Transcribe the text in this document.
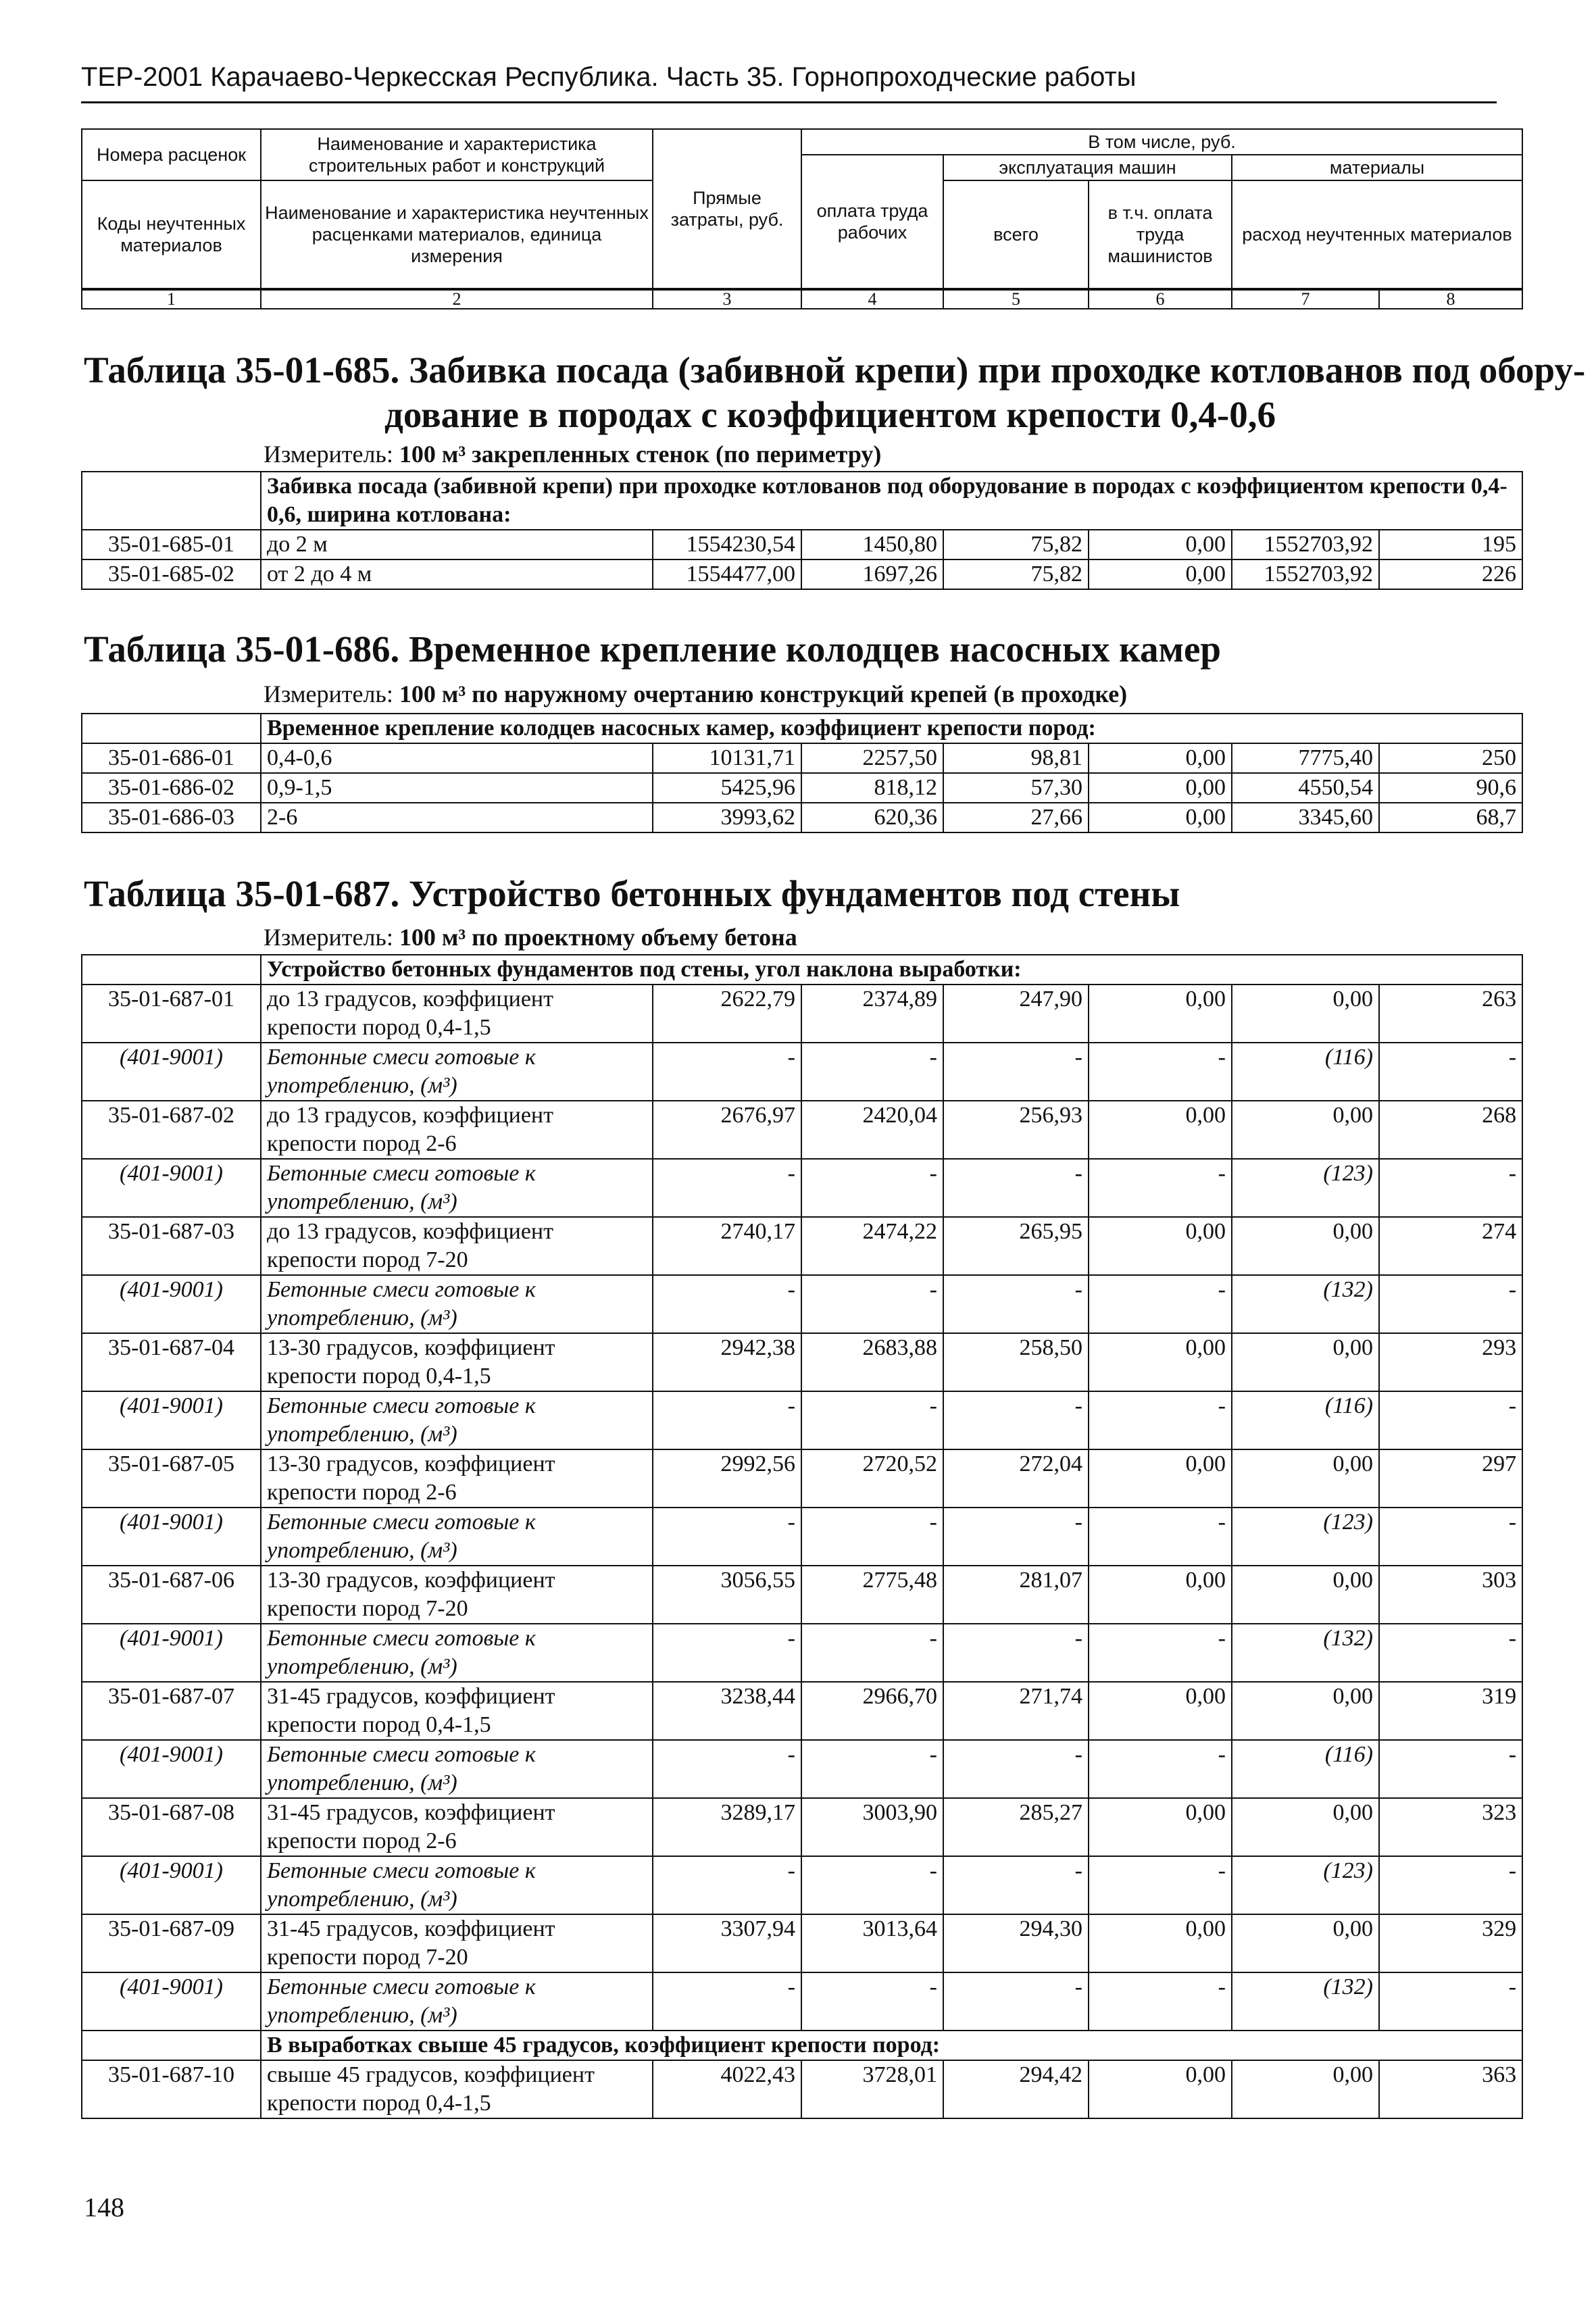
ТЕР-2001 Карачаево-Черкесская Республика. Часть 35. Горнопроходческие работы
Номера расценок	Наименование и характеристика строительных работ и конструкций	Прямые затраты, руб.	В том числе, руб.	
			оплата труда рабочих	эксплуатация машин		материалы	
				всего	в т.ч. оплата труда машинистов	расход неучтенных материалов	
Коды неучтенных материалов	Наименование и характеристика неучтенных расценками материалов, единица измерения						

1	2	3	4	5	6	7	8
Таблица 35-01-685. Забивка посада (забивной крепи) при проходке котлованов под обору-
дование в породах с коэффициентом крепости 0,4-0,6
Измеритель: 100 м³ закрепленных стенок (по периметру)
	Забивка посада (забивной крепи) при проходке котлованов под оборудование в породах с коэффициентом крепости 0,4-0,6, ширина котлована:						
35-01-685-01	до 2 м	1554230,54	1450,80	75,82	0,00	1552703,92	195
35-01-685-02	от 2 до 4 м	1554477,00	1697,26	75,82	0,00	1552703,92	226
Таблица 35-01-686. Временное крепление колодцев насосных камер
Измеритель: 100 м³ по наружному очертанию конструкций крепей (в проходке)
	Временное крепление колодцев насосных камер, коэффициент крепости пород:						
35-01-686-01	0,4-0,6	10131,71	2257,50	98,81	0,00	7775,40	250
35-01-686-02	0,9-1,5	5425,96	818,12	57,30	0,00	4550,54	90,6
35-01-686-03	2-6	3993,62	620,36	27,66	0,00	3345,60	68,7
Таблица 35-01-687. Устройство бетонных фундаментов под стены
Измеритель: 100 м³ по проектному объему бетона
	Устройство бетонных фундаментов под стены, угол наклона выработки:						
35-01-687-01	до 13 градусов, коэффициент крепости пород 0,4-1,5	2622,79	2374,89	247,90	0,00	0,00	263
(401-9001)	Бетонные смеси готовые к употреблению, (м³)	-	-	-	-	(116)	-
35-01-687-02	до 13 градусов, коэффициент крепости пород 2-6	2676,97	2420,04	256,93	0,00	0,00	268
(401-9001)	Бетонные смеси готовые к употреблению, (м³)	-	-	-	-	(123)	-
35-01-687-03	до 13 градусов, коэффициент крепости пород 7-20	2740,17	2474,22	265,95	0,00	0,00	274
(401-9001)	Бетонные смеси готовые к употреблению, (м³)	-	-	-	-	(132)	-
35-01-687-04	13-30 градусов, коэффициент крепости пород 0,4-1,5	2942,38	2683,88	258,50	0,00	0,00	293
(401-9001)	Бетонные смеси готовые к употреблению, (м³)	-	-	-	-	(116)	-
35-01-687-05	13-30 градусов, коэффициент крепости пород 2-6	2992,56	2720,52	272,04	0,00	0,00	297
(401-9001)	Бетонные смеси готовые к употреблению, (м³)	-	-	-	-	(123)	-
35-01-687-06	13-30 градусов, коэффициент крепости пород 7-20	3056,55	2775,48	281,07	0,00	0,00	303
(401-9001)	Бетонные смеси готовые к употреблению, (м³)	-	-	-	-	(132)	-
35-01-687-07	31-45 градусов, коэффициент крепости пород 0,4-1,5	3238,44	2966,70	271,74	0,00	0,00	319
(401-9001)	Бетонные смеси готовые к употреблению, (м³)	-	-	-	-	(116)	-
35-01-687-08	31-45 градусов, коэффициент крепости пород 2-6	3289,17	3003,90	285,27	0,00	0,00	323
(401-9001)	Бетонные смеси готовые к употреблению, (м³)	-	-	-	-	(123)	-
35-01-687-09	31-45 градусов, коэффициент крепости пород 7-20	3307,94	3013,64	294,30	0,00	0,00	329
(401-9001)	Бетонные смеси готовые к употреблению, (м³)	-	-	-	-	(132)	-
	В выработках свыше 45 градусов, коэффициент крепости пород:						
35-01-687-10	свыше 45 градусов, коэффициент крепости пород 0,4-1,5	4022,43	3728,01	294,42	0,00	0,00	363
148
